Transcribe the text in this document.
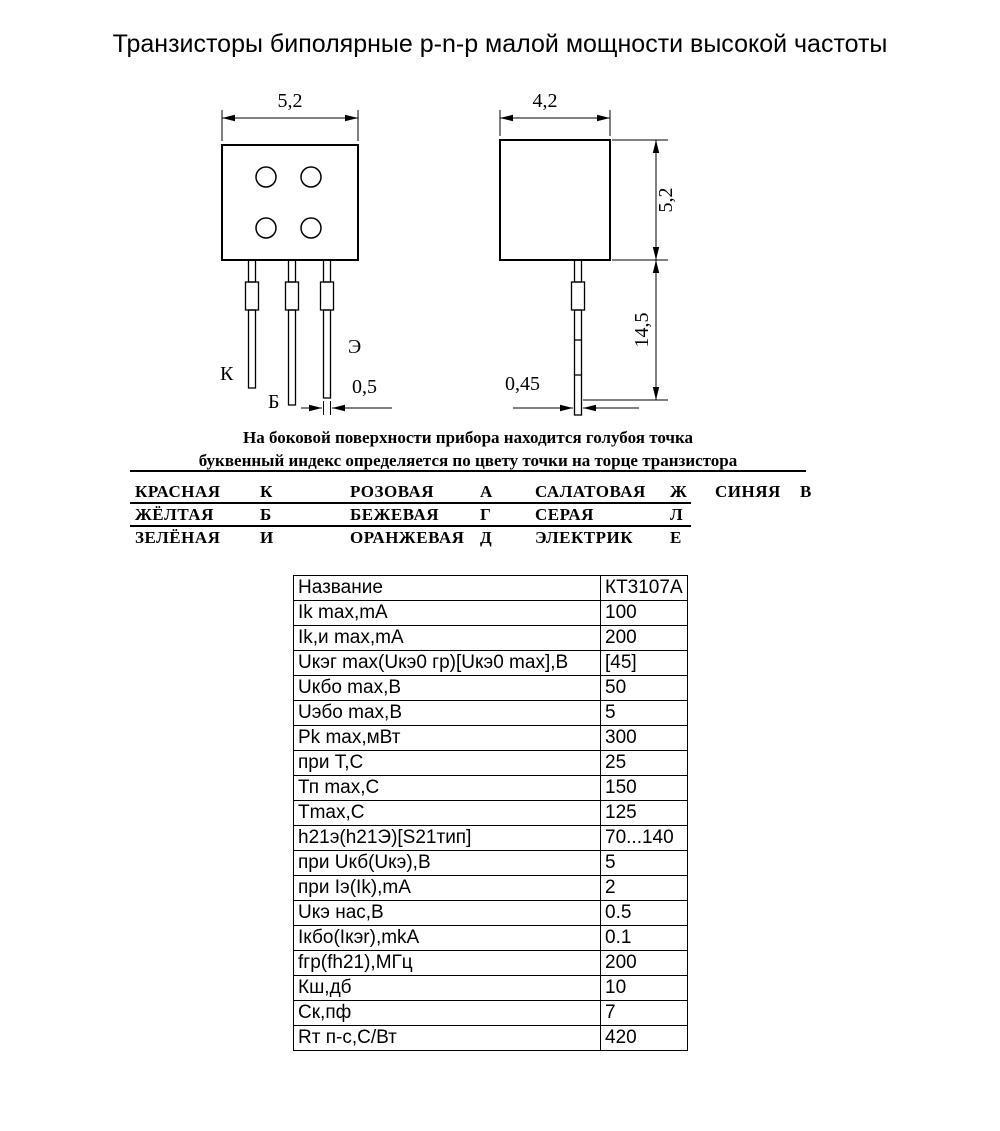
Транзисторы биполярные p-n-p малой мощности высокой частоты
5,2
Э
К
Б
0,5
4,2
5,2
14,5
0,45
На боковой поверхности прибора находится голубоя точка
буквенный индекс определяется по цвету точки на торце транзистора
КРАСНАЯ	К	РОЗОВАЯ	А	САЛАТОВАЯ	Ж	СИНЯЯ	В
ЖЁЛТАЯ	Б	БЕЖЕВАЯ	Г	СЕРАЯ	Л
ЗЕЛЁНАЯ	И	ОРАНЖЕВАЯ Д	ЭЛЕКТРИК	Е
Название	КТ3107А
Ik max,mA	100
Ik,и max,mA	200
Uкэг max(Uкэ0 гр)[Uкэ0 max],В	[45]
Uкбо max,В	50
Uэбо max,В	5
Pk max,мВт	300
при Т,С	25
Тп max,С	150
Tmax,С	125
h21э(h21Э)[S21тип]	70...140
при Uкб(Uкэ),В	5
при Iэ(Ik),mA	2
Uкэ нас,В	0.5
Iкбо(Iкэr),mkA	0.1
fгр(fh21),МГц	200
Кш,дб	10
Ск,пф	7
Rт п-с,С/Вт	420
